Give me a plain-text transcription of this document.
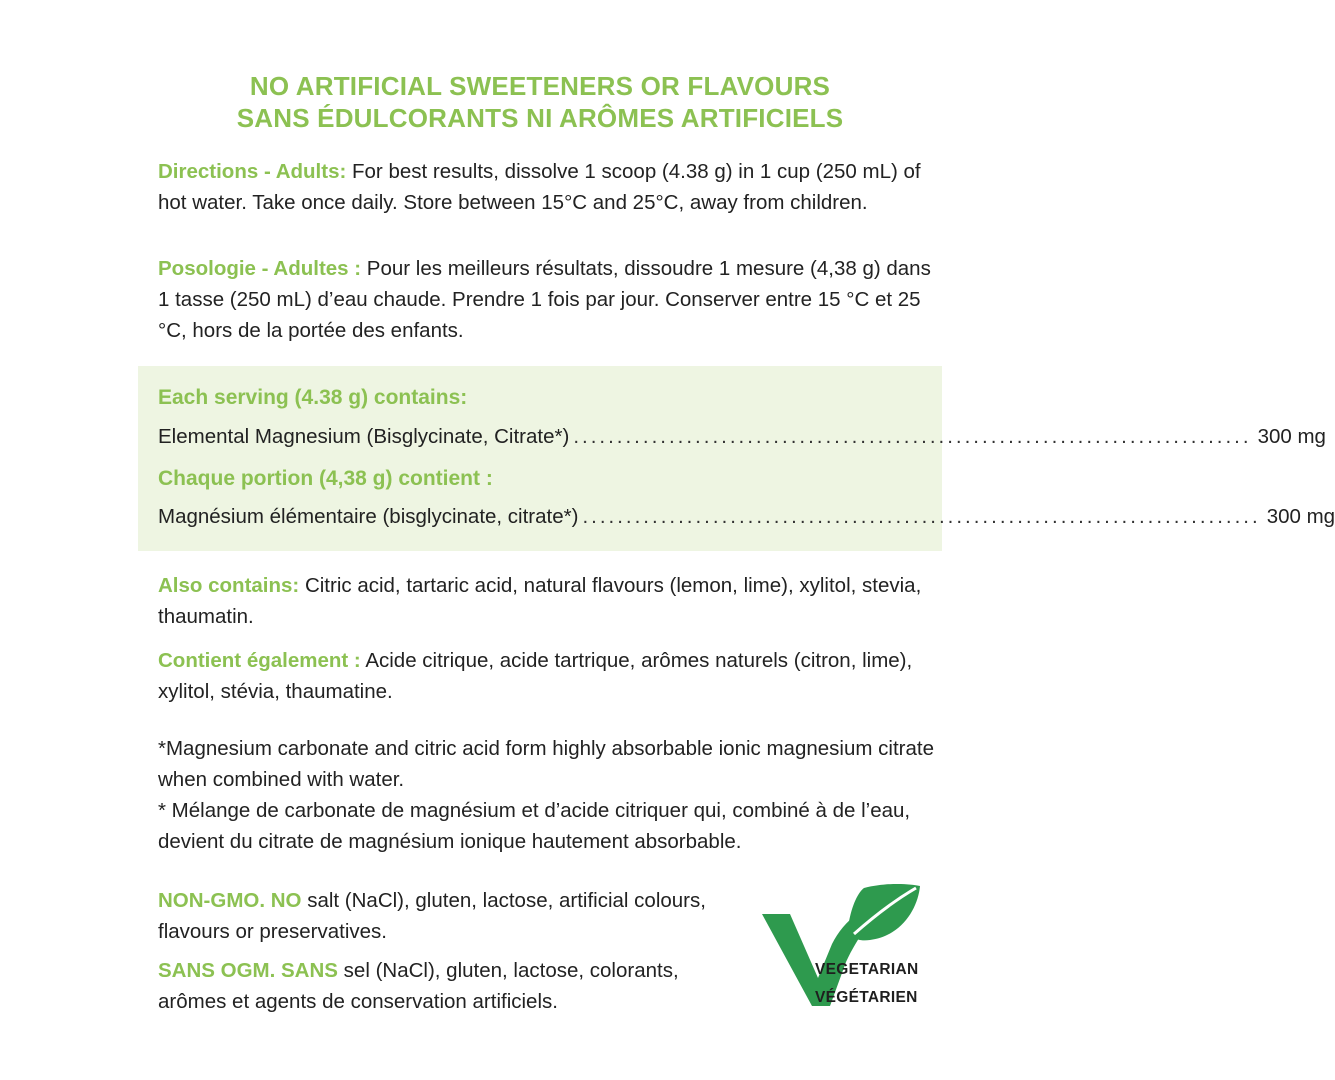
NO ARTIFICIAL SWEETENERS OR FLAVOURS
SANS ÉDULCORANTS NI ARÔMES ARTIFICIELS
Directions - Adults: For best results, dissolve 1 scoop (4.38 g) in 1 cup (250 mL) of hot water. Take once daily. Store between 15°C and 25°C, away from children.
Posologie - Adultes : Pour les meilleurs résultats, dissoudre 1 mesure (4,38 g) dans 1 tasse (250 mL) d’eau chaude. Prendre 1 fois par jour. Conserver entre 15 °C et 25 °C, hors de la portée des enfants.
Each serving (4.38 g) contains:
Elemental Magnesium (Bisglycinate, Citrate*) .............................................................................. 300 mg
Chaque portion (4,38 g) contient :
Magnésium élémentaire (bisglycinate, citrate*) .............................................................................. 300 mg
Also contains: Citric acid, tartaric acid, natural flavours (lemon, lime), xylitol, stevia, thaumatin.
Contient également : Acide citrique, acide tartrique, arômes naturels (citron, lime), xylitol, stévia, thaumatine.
*Magnesium carbonate and citric acid form highly absorbable ionic magnesium citrate when combined with water.
* Mélange de carbonate de magnésium et d’acide citriquer qui, combiné à de l’eau, devient du citrate de magnésium ionique hautement absorbable.
NON-GMO. NO salt (NaCl), gluten, lactose, artificial colours, flavours or preservatives.
SANS OGM. SANS sel (NaCl), gluten, lactose, colorants, arômes et agents de conservation artificiels.
VEGETARIAN
VÉGÉTARIEN
